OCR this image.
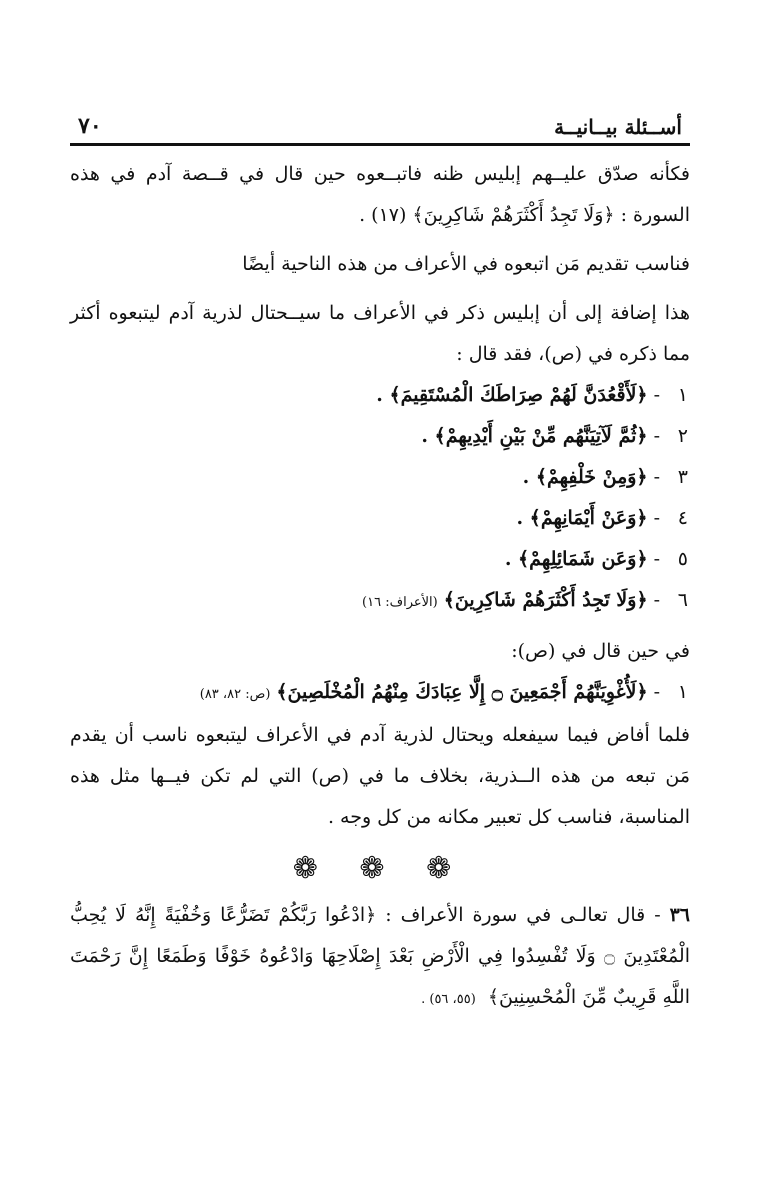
أســئلة بيــانيــة
٧٠

فكأنه صدّق عليــهم إبليس ظنه فاتبــعوه حين قال في قــصة آدم في هذه السورة : ﴿وَلَا تَجِدُ أَكْثَرَهُمْ شَاكِرِينَ﴾ (١٧) .

فناسب تقديم مَن اتبعوه في الأعراف من هذه الناحية أيضًا

هذا إضافة إلى أن إبليس ذكر في الأعراف ما سيــحتال لذرية آدم ليتبعوه أكثر مما ذكره في (ص)، فقد قال :

١
-
﴿لَأَقْعُدَنَّ لَهُمْ صِرَاطَكَ الْمُسْتَقِيمَ﴾ .

٢
-
﴿ثُمَّ لَآتِيَنَّهُم مِّنْ بَيْنِ أَيْدِيهِمْ﴾ .

٣
-
﴿وَمِنْ خَلْفِهِمْ﴾ .

٤
-
﴿وَعَنْ أَيْمَانِهِمْ﴾ .

٥
-
﴿وَعَن شَمَائِلِهِمْ﴾ .

٦
-
﴿وَلَا تَجِدُ أَكْثَرَهُمْ شَاكِرِينَ﴾
(الأعراف: ١٦)

في حين قال في (ص):

١
-
﴿لَأُغْوِيَنَّهُمْ أَجْمَعِينَ ۝ إِلَّا عِبَادَكَ مِنْهُمُ الْمُخْلَصِينَ﴾
(ص: ٨٢، ٨٣)

فلما أفاض فيما سيفعله ويحتال لذرية آدم في الأعراف ليتبعوه ناسب أن يقدم مَن تبعه من هذه الــذرية، بخلاف ما في (ص) التي لم تكن فيــها مثل هذه المناسبة، فناسب كل تعبير مكانه من كل وجه .

❁ ❁ ❁

٣٦ - قال تعالـى في سورة الأعراف : ﴿ادْعُوا رَبَّكُمْ تَضَرُّعًا وَخُفْيَةً إِنَّهُ لَا يُحِبُّ الْمُعْتَدِينَ ۝ وَلَا تُفْسِدُوا فِي الْأَرْضِ بَعْدَ إِصْلَاحِهَا وَادْعُوهُ خَوْفًا وَطَمَعًا إِنَّ رَحْمَتَ اللَّهِ قَرِيبٌ مِّنَ الْمُحْسِنِينَ﴾ (٥٥، ٥٦) .
